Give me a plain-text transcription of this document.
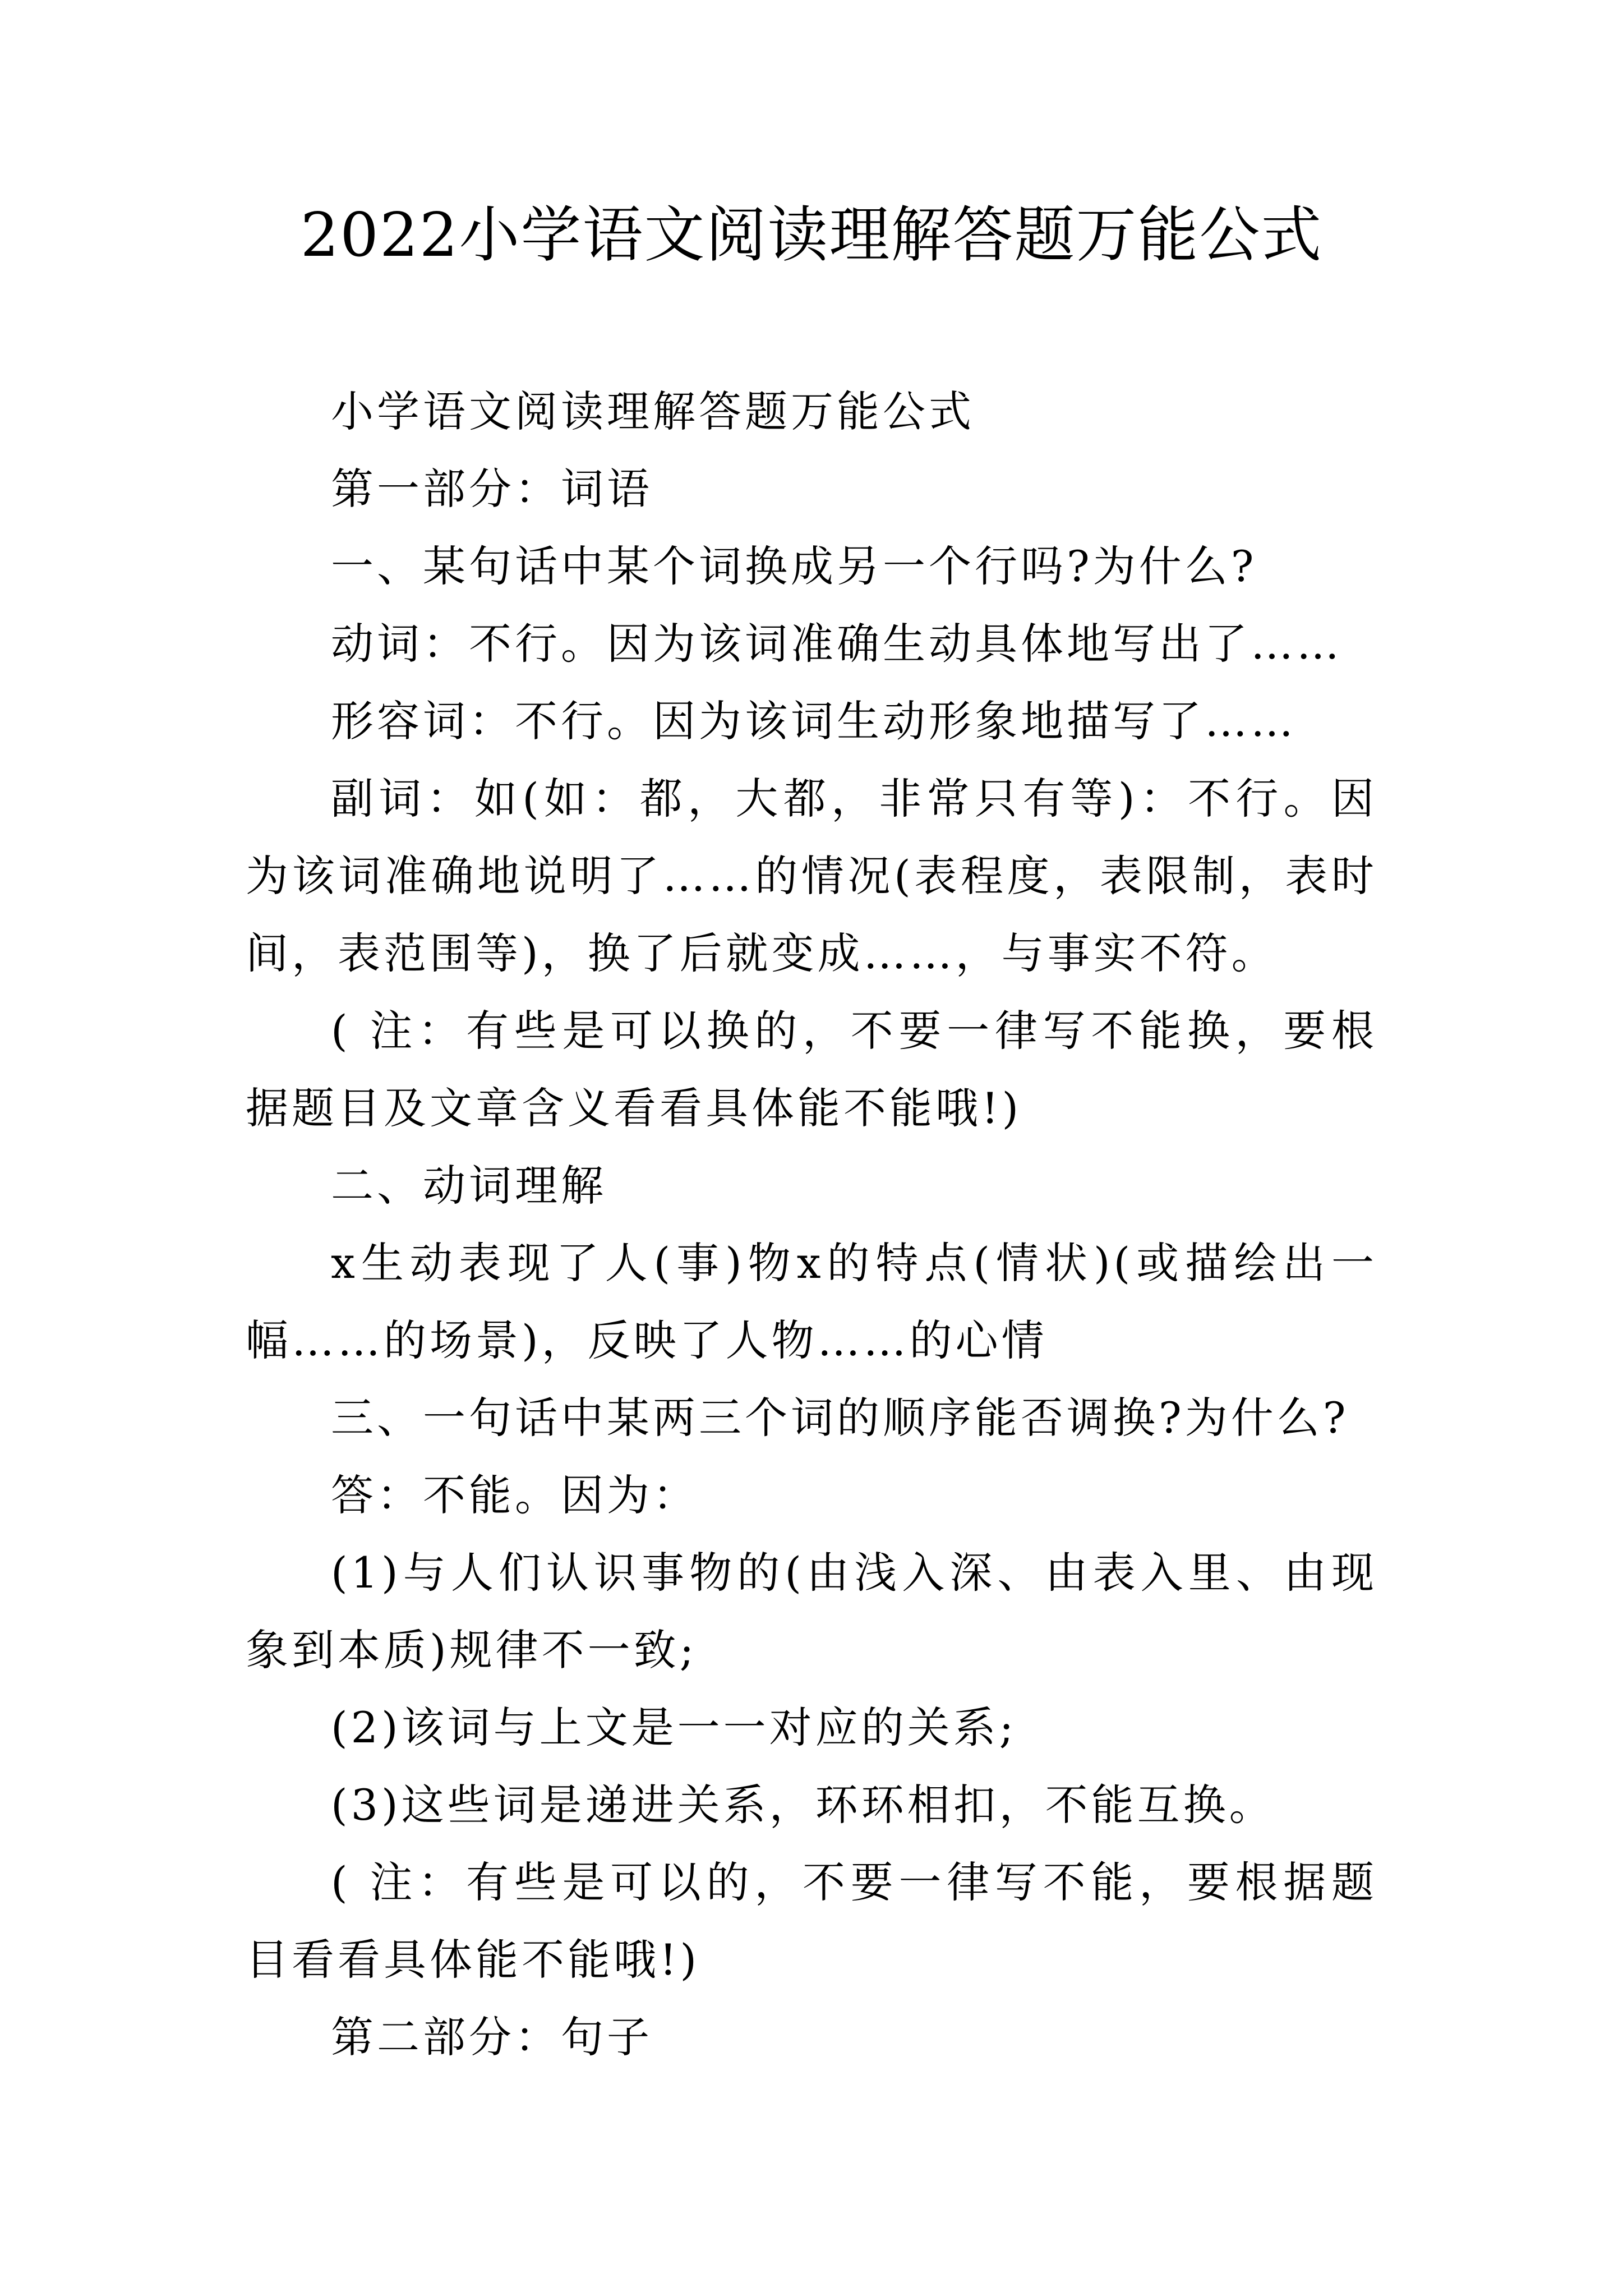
2022小学语文阅读理解答题万能公式

小学语文阅读理解答题万能公式

第一部分：词语

一、某句话中某个词换成另一个行吗?为什么?

动词：不行。因为该词准确生动具体地写出了……

形容词：不行。因为该词生动形象地描写了……

副词：如(如：都，大都，非常只有等)：不行。因为该词准确地说明了……的情况(表程度，表限制，表时间，表范围等)，换了后就变成……，与事实不符。

( 注：有些是可以换的，不要一律写不能换，要根据题目及文章含义看看具体能不能哦!)

二、动词理解

x生动表现了人(事)物x的特点(情状)(或描绘出一幅……的场景)，反映了人物……的心情

三、一句话中某两三个词的顺序能否调换?为什么?

答：不能。因为：

(1)与人们认识事物的(由浅入深、由表入里、由现象到本质)规律不一致;

(2)该词与上文是一一对应的关系;

(3)这些词是递进关系，环环相扣，不能互换。

( 注：有些是可以的，不要一律写不能，要根据题目看看具体能不能哦!)

第二部分：句子
